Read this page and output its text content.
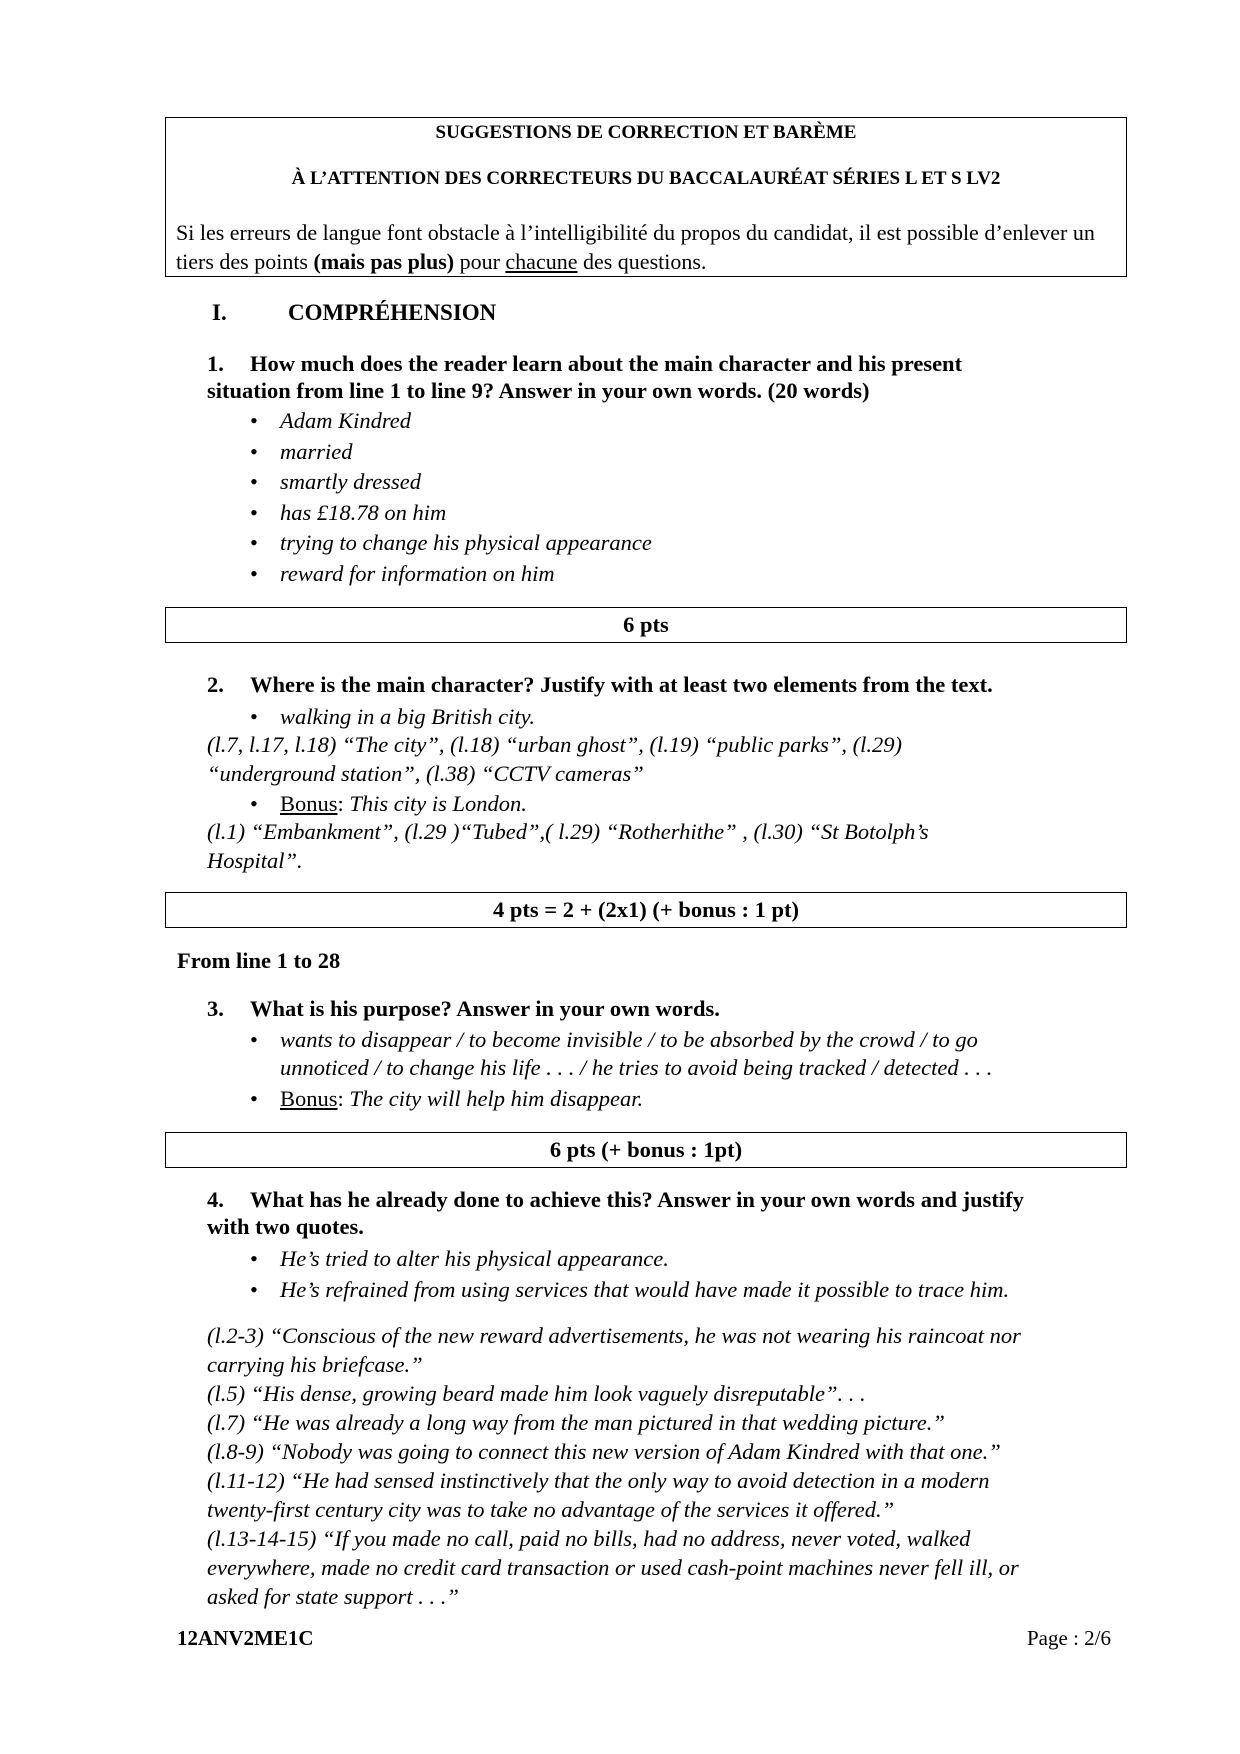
SUGGESTIONS DE CORRECTION ET BARÈME
À L’ATTENTION DES CORRECTEURS DU BACCALAURÉAT SÉRIES L ET S LV2
Si les erreurs de langue font obstacle à l’intelligibilité du propos du candidat, il est possible d’enlever un tiers des points (mais pas plus) pour chacune des questions.
I.	COMPRÉHENSION
1. How much does the reader learn about the main character and his present
situation from line 1 to line 9? Answer in your own words. (20 words)
• Adam Kindred
• married
• smartly dressed
• has £18.78 on him
• trying to change his physical appearance
• reward for information on him
6 pts
2. Where is the main character? Justify with at least two elements from the text.
• walking in a big British city.
(l.7, l.17, l.18) “The city”, (l.18) “urban ghost”, (l.19) “public parks”, (l.29)
“underground station”, (l.38) “CCTV cameras”
• Bonus: This city is London.
(l.1) “Embankment”, (l.29 )“Tubed”,( l.29) “Rotherhithe” , (l.30) “St Botolph’s
Hospital”.
4 pts = 2 + (2x1) (+ bonus : 1 pt)
From line 1 to 28
3. What is his purpose? Answer in your own words.
• wants to disappear / to become invisible / to be absorbed by the crowd / to go
unnoticed / to change his life . . . / he tries to avoid being tracked / detected . . .
• Bonus: The city will help him disappear.
6 pts (+ bonus : 1pt)
4. What has he already done to achieve this? Answer in your own words and justify
with two quotes.
• He’s tried to alter his physical appearance.
• He’s refrained from using services that would have made it possible to trace him.
(l.2-3) “Conscious of the new reward advertisements, he was not wearing his raincoat nor
carrying his briefcase.”
(l.5) “His dense, growing beard made him look vaguely disreputable”. . .
(l.7) “He was already a long way from the man pictured in that wedding picture.”
(l.8-9) “Nobody was going to connect this new version of Adam Kindred with that one.”
(l.11-12) “He had sensed instinctively that the only way to avoid detection in a modern
twenty-first century city was to take no advantage of the services it offered.”
(l.13-14-15) “If you made no call, paid no bills, had no address, never voted, walked
everywhere, made no credit card transaction or used cash-point machines never fell ill, or
asked for state support . . .”
12ANV2ME1C	Page : 2/6
